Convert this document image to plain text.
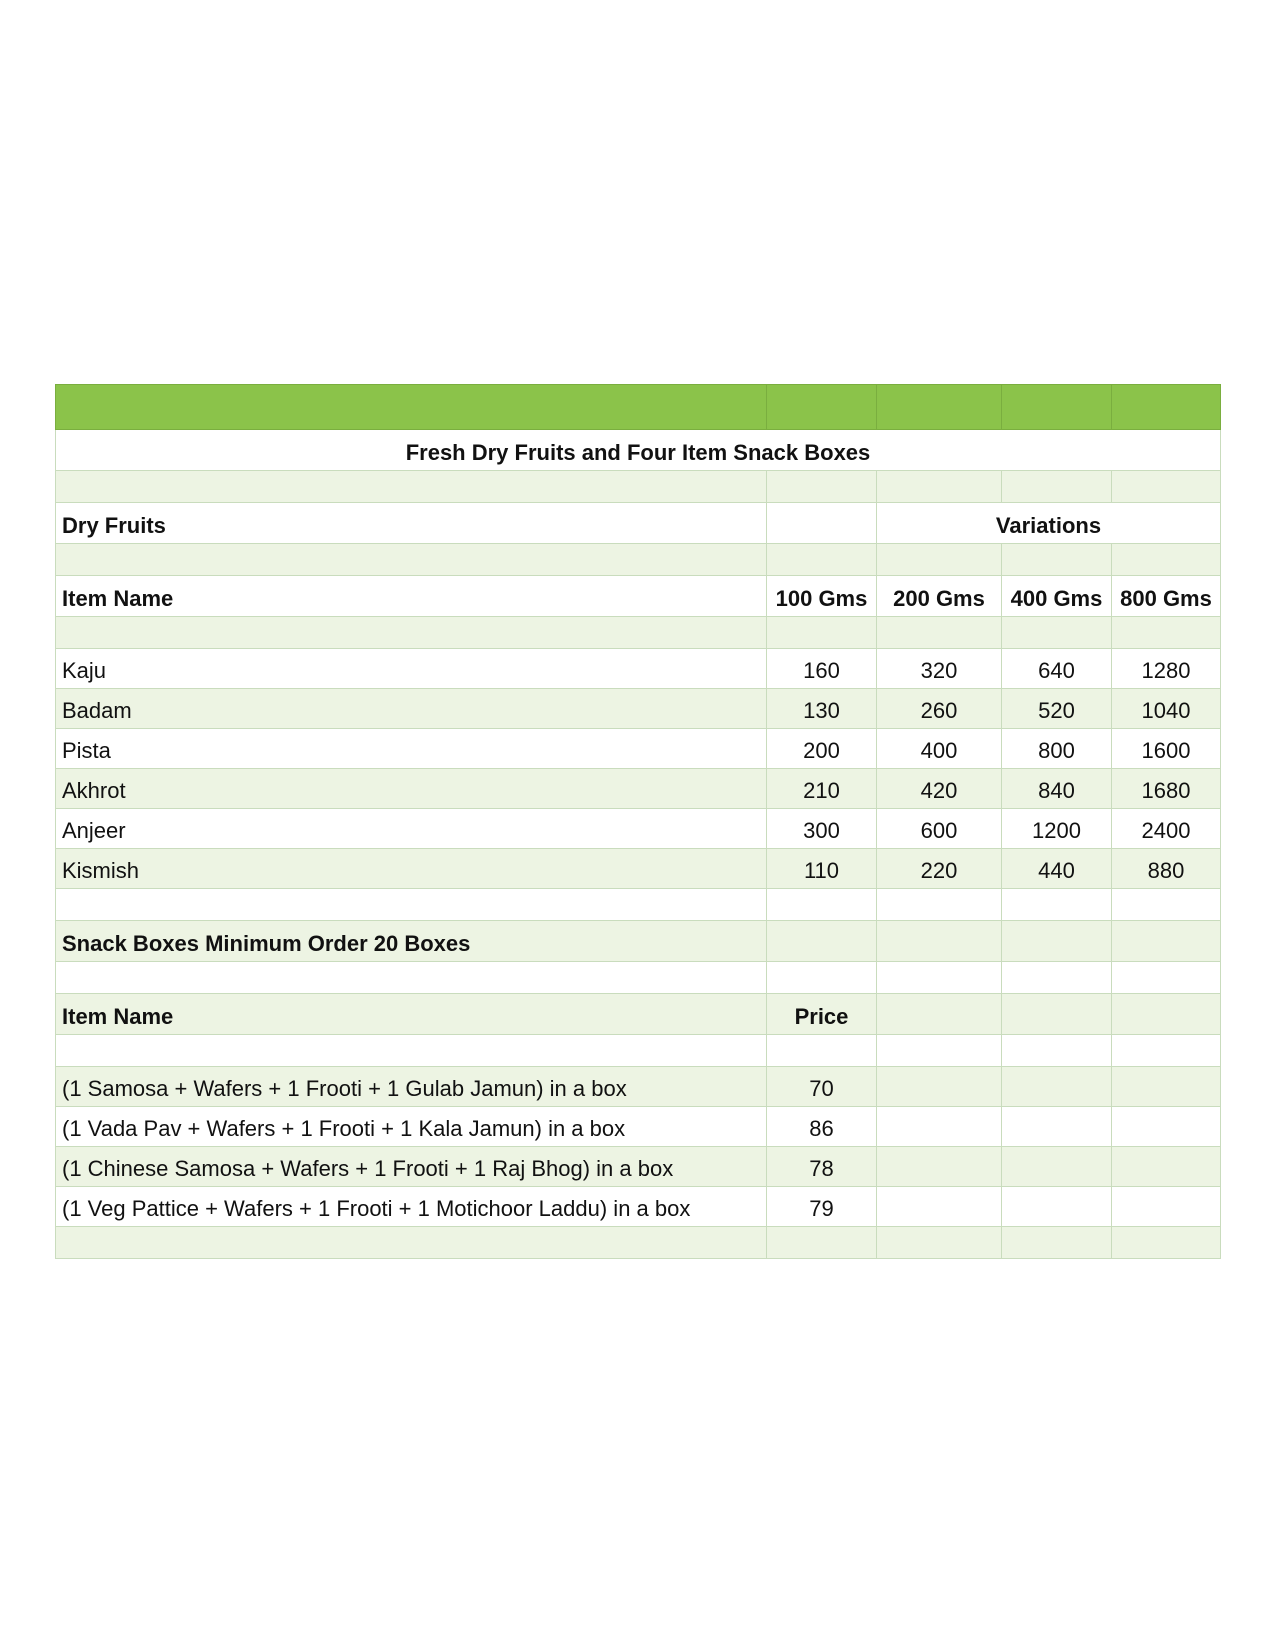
Fresh Dry Fruits and Four Item Snack Boxes				

Dry Fruits		Variations		

Item Name	100 Gms	200 Gms	400 Gms	800 Gms

Kaju	160	320	640	1280
Badam	130	260	520	1040
Pista	200	400	800	1600
Akhrot	210	420	840	1680
Anjeer	300	600	1200	2400
Kismish	110	220	440	880

Snack Boxes Minimum Order 20 Boxes				

Item Name	Price			

(1 Samosa + Wafers + 1 Frooti + 1 Gulab Jamun) in a box	70			
(1 Vada Pav + Wafers + 1 Frooti + 1 Kala Jamun) in a box	86			
(1 Chinese Samosa + Wafers + 1 Frooti + 1 Raj Bhog) in a box	78			
(1 Veg Pattice + Wafers + 1 Frooti + 1 Motichoor Laddu) in a box	79			
